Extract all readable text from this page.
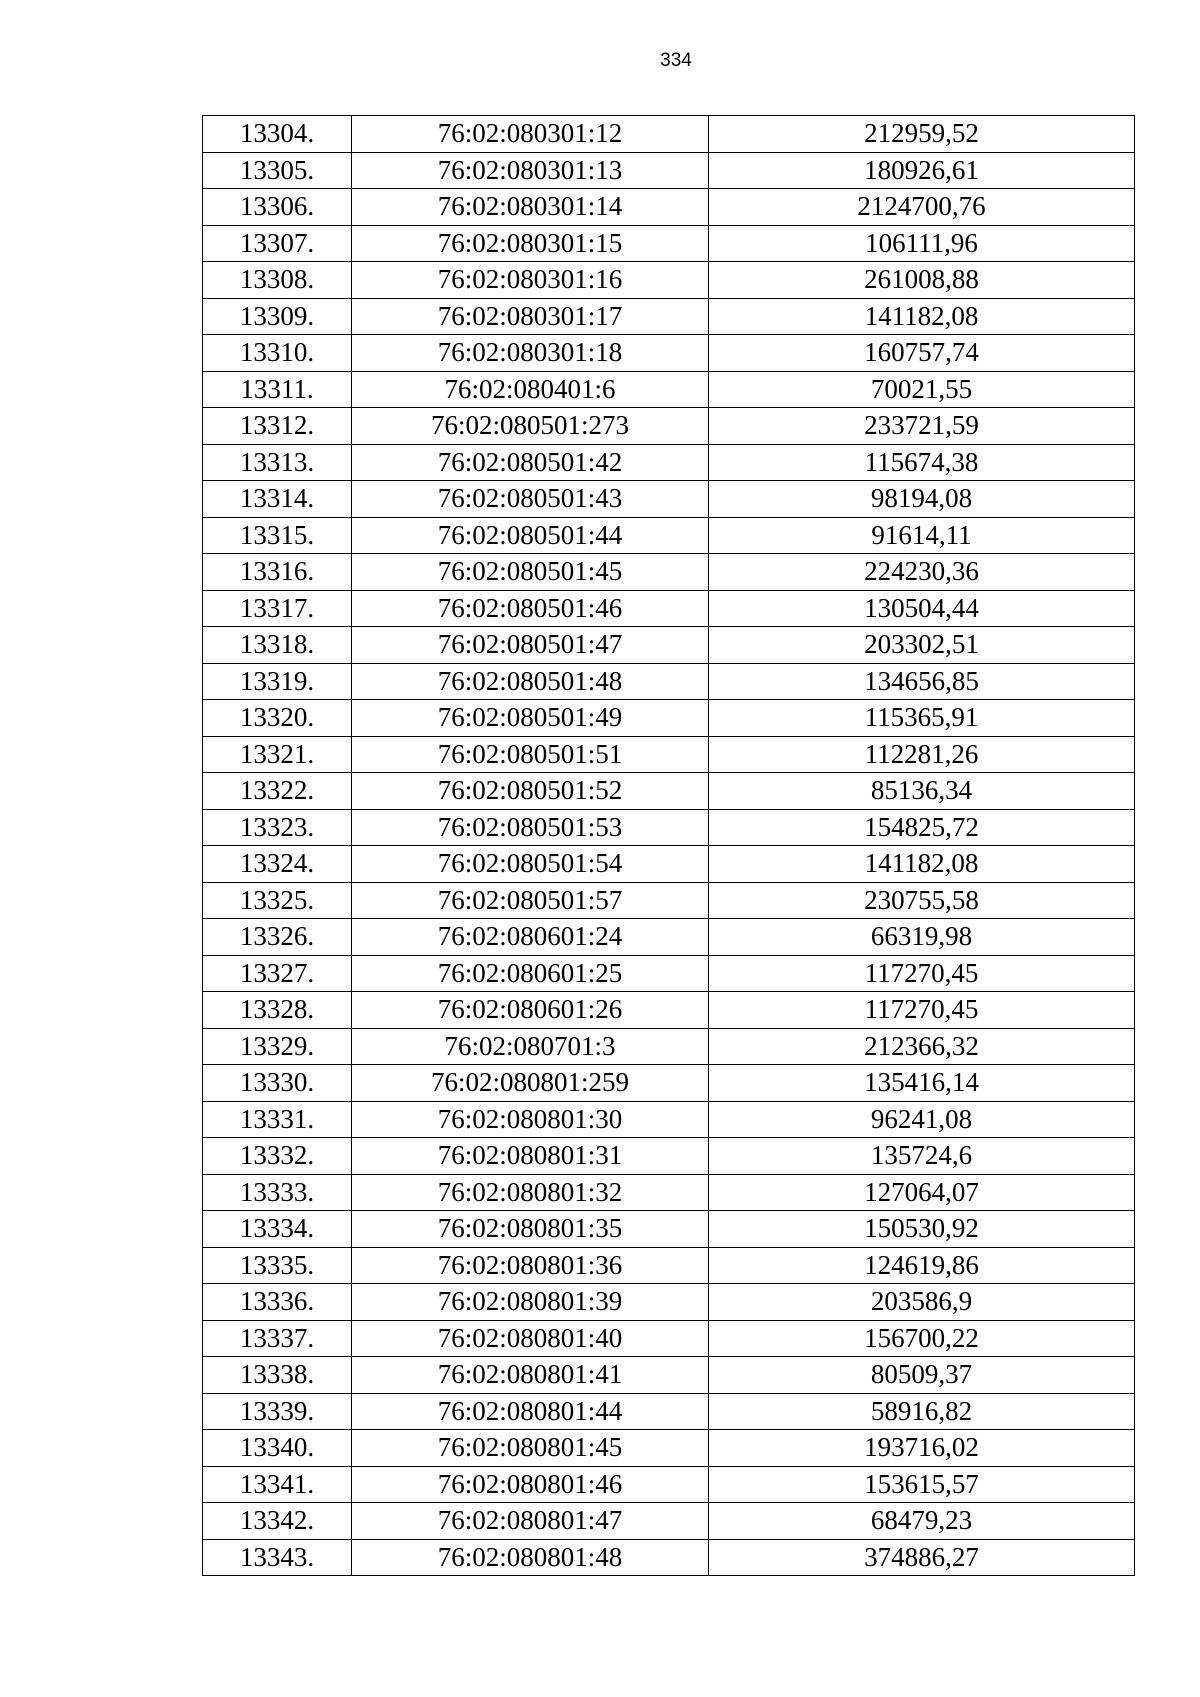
334
13304.	76:02:080301:12	212959,52
13305.	76:02:080301:13	180926,61
13306.	76:02:080301:14	2124700,76
13307.	76:02:080301:15	106111,96
13308.	76:02:080301:16	261008,88
13309.	76:02:080301:17	141182,08
13310.	76:02:080301:18	160757,74
13311.	76:02:080401:6	70021,55
13312.	76:02:080501:273	233721,59
13313.	76:02:080501:42	115674,38
13314.	76:02:080501:43	98194,08
13315.	76:02:080501:44	91614,11
13316.	76:02:080501:45	224230,36
13317.	76:02:080501:46	130504,44
13318.	76:02:080501:47	203302,51
13319.	76:02:080501:48	134656,85
13320.	76:02:080501:49	115365,91
13321.	76:02:080501:51	112281,26
13322.	76:02:080501:52	85136,34
13323.	76:02:080501:53	154825,72
13324.	76:02:080501:54	141182,08
13325.	76:02:080501:57	230755,58
13326.	76:02:080601:24	66319,98
13327.	76:02:080601:25	117270,45
13328.	76:02:080601:26	117270,45
13329.	76:02:080701:3	212366,32
13330.	76:02:080801:259	135416,14
13331.	76:02:080801:30	96241,08
13332.	76:02:080801:31	135724,6
13333.	76:02:080801:32	127064,07
13334.	76:02:080801:35	150530,92
13335.	76:02:080801:36	124619,86
13336.	76:02:080801:39	203586,9
13337.	76:02:080801:40	156700,22
13338.	76:02:080801:41	80509,37
13339.	76:02:080801:44	58916,82
13340.	76:02:080801:45	193716,02
13341.	76:02:080801:46	153615,57
13342.	76:02:080801:47	68479,23
13343.	76:02:080801:48	374886,27
